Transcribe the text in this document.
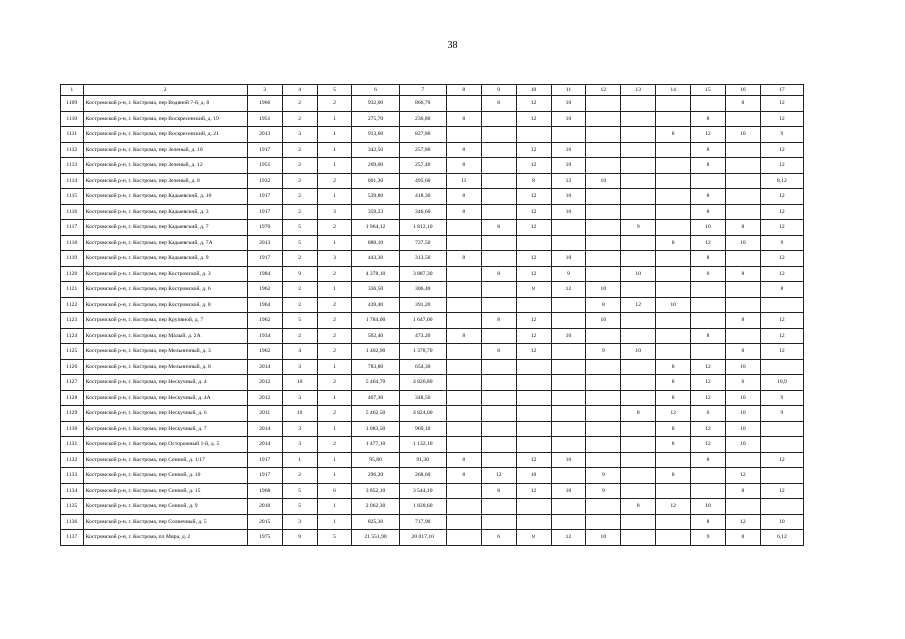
38
1	2	3	4	5	6	7	8	9	10	11	12	13	14	15	16	17
1109	Костромской р-н, г. Кострома, пер Водяной 7-й, д. 8	1966	2	2	932,00	866,70		8	12	10					8	12
1110	Костромской р-н, г. Кострома, пер Воскресенский, д. 19	1951	2	1	275,70	236,80	8		12	10				8		12
1111	Костромской р-н, г. Кострома, пер Воскресенский, д. 21	2013	3	1	913,60	827,80							8	12	10	9
1112	Костромской р-н, г. Кострома, пер Зеленый, д. 10	1917	2	1	342,50	257,80	8		12	10				8		12
1113	Костромской р-н, г. Кострома, пер Зеленый, д. 12	1951	2	1	269,00	257,40	8		12	10				8		12
1114	Костромской р-н, г. Кострома, пер Зеленый, д. 8	1932	2	2	601,30	495,60	11		8	12	10					8,12
1115	Костромской р-н, г. Кострома, пер Кадыевский, д. 10	1917	2	1	539,80	418,30	8		12	10				8		12
1116	Костромской р-н, г. Кострома, пер Кадыевский, д. 3	1917	2	3	359,23	346,60	8		12	10				8		12
1117	Костромской р-н, г. Кострома, пер Кадыевский, д. 7	1970	5	2	1 964,12	1 812,10		8	12			9		10	8	12
1118	Костромской р-н, г. Кострома, пер Кадыевский, д. 7А	2013	5	1	880,10	737,50							8	12	10	9
1119	Костромской р-н, г. Кострома, пер Кадыевский, д. 9	1917	2	3	443,30	313,50	8		12	10				8		12
1120	Костромской р-н, г. Кострома, пер Костромской, д. 3	1984	9	2	4 378,10	3 887,30		8	12	9		10		6	8	12
1121	Костромской р-н, г. Кострома, пер Костромской, д. 6	1962	2	1	336,50	306,40			8	12	10					8
1122	Костромской р-н, г. Кострома, пер Костромской, д. 8	1964	2	2	439,40	391,20					8	12	10			
1123	Костромской р-н, г. Кострома, пер Крупяной, д. 7	1962	5	2	1 784,00	1 647,00		8	12		10				8	12
1124	Костромской р-н, г. Кострома, пер Малый, д. 2А	1934	2	2	502,40	473,20	8		12	10				8		12
1125	Костромской р-н, г. Кострома, пер Мельничный, д. 3	1962	4	2	1 402,90	1 378,70		8	12		9	10			8	12
1126	Костромской р-н, г. Кострома, пер Мельничный, д. 8	2014	3	1	783,80	654,30							8	12	10	
1127	Костромской р-н, г. Кострома, пер Нескучный, д. 4	2012	10	2	5 464,70	4 826,80							8	12	6	10,9
1128	Костромской р-н, г. Кострома, пер Нескучный, д. 4А	2012	3	1	407,30	348,50							8	12	10	9
1129	Костромской р-н, г. Кострома, пер Нескучный, д. 6	2011	10	2	5 462,50	4 824,60						8	12	6	10	9
1130	Костромской р-н, г. Кострома, пер Нескучный, д. 7	2014	3	1	1 083,50	969,10							8	12	10	
1131	Костромской р-н, г. Кострома, пер Осторожный 1-й, д. 5	2014	3	2	1 477,10	1 132,10							8	12	10	
1132	Костромской р-н, г. Кострома, пер Сенной, д. 1/17	1917	1	1	95,80	91,30	8		12	10				8		12
1133	Костромской р-н, г. Кострома, пер Сенной, д. 10	1917	2	1	296,20	268,60	8	12	10		9		8		12	
1134	Костромской р-н, г. Кострома, пер Сенной, д. 15	1968	5	6	3 852,10	3 544,10		8	12	10	9				8	12
1135	Костромской р-н, г. Кострома, пер Сенной, д. 9	2010	5	1	2 062,30	1 828,60						8	12	10		
1136	Костромской р-н, г. Кострома, пер Солнечный, д. 5	2015	3	1	825,30	717,90								8	12	10
1137	Костромской р-н, г. Кострома, пл Мира, д. 2	1975	9	5	21 551,90	20 017,10		6	8	12	10			9	8	6,12
